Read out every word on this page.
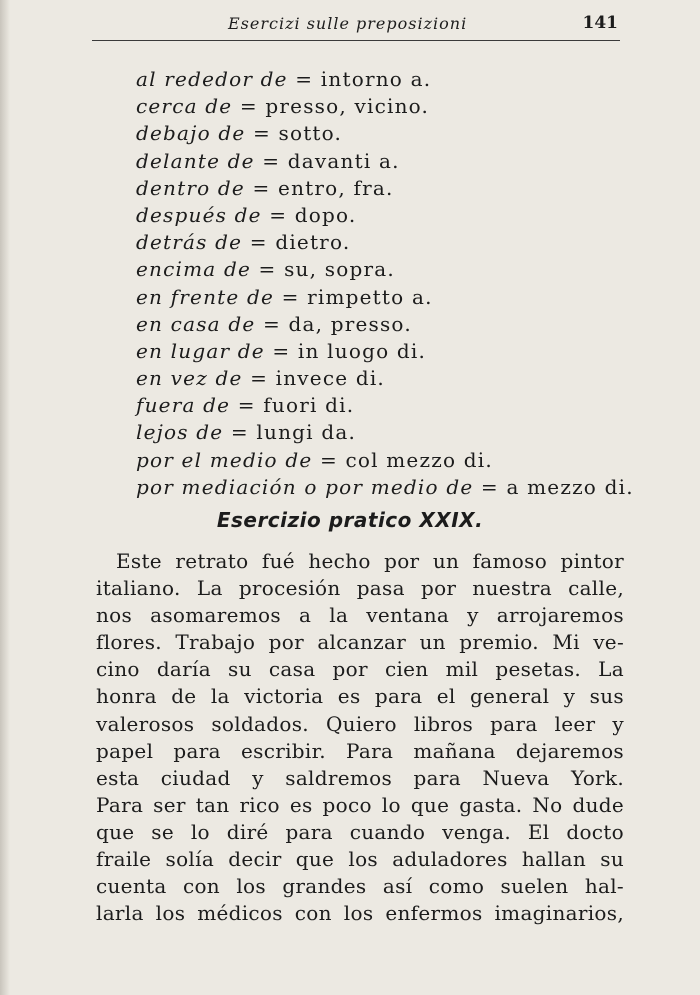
Esercizi sulle preposizioni	141
al rededor de = intorno a.
cerca de = presso, vicino.
debajo de = sotto.
delante de = davanti a.
dentro de = entro, fra.
después de = dopo.
detrás de = dietro.
encima de = su, sopra.
en frente de = rimpetto a.
en casa de = da, presso.
en lugar de = in luogo di.
en vez de = invece di.
fuera de = fuori di.
lejos de = lungi da.
por el medio de = col mezzo di.
por mediación o por medio de = a mezzo di.
Esercizio pratico XXIX.
Este retrato fué hecho por un famoso pintor
italiano. La procesión pasa por nuestra calle,
nos asomaremos a la ventana y arrojaremos
flores. Trabajo por alcanzar un premio. Mi ve-
cino daría su casa por cien mil pesetas. La
honra de la victoria es para el general y sus
valerosos soldados. Quiero libros para leer y
papel para escribir. Para mañana dejaremos
esta ciudad y saldremos para Nueva York.
Para ser tan rico es poco lo que gasta. No dude
que se lo diré para cuando venga. El docto
fraile solía decir que los aduladores hallan su
cuenta con los grandes así como suelen hal-
larla los médicos con los enfermos imaginarios,
